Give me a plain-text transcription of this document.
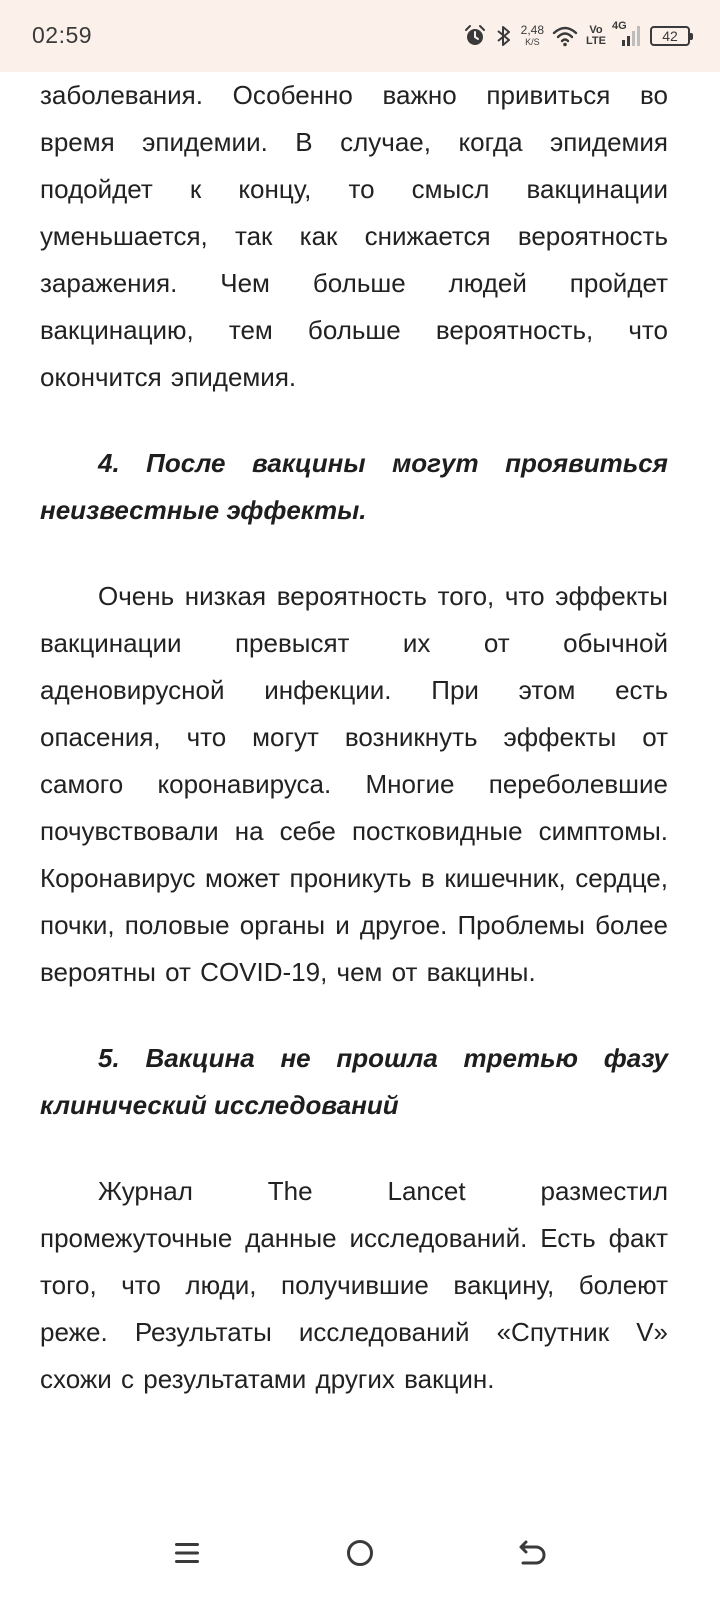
02:59	2,48
K/S
Vo
LTE
4G
42

заболевания. Особенно важно привиться во время эпидемии. В случае, когда эпидемия подойдет к концу, то смысл вакцинации уменьшается, так как снижается вероятность заражения. Чем больше людей пройдет вакцинацию, тем больше вероятность, что окончится эпидемия.

4. После вакцины могут проявиться неизвестные эффекты.

Очень низкая вероятность того, что эффекты вакцинации превысят их от обычной аденовирусной инфекции. При этом есть опасения, что могут возникнуть эффекты от самого коронавируса. Многие переболевшие почувствовали на себе постковидные симптомы. Коронавирус может проникуть в кишечник, сердце, почки, половые органы и другое. Проблемы более вероятны от COVID-19, чем от вакцины.

5. Вакцина не прошла третью фазу клинический исследований

Журнал The Lancet разместил промежуточные данные исследований. Есть факт того, что люди, получившие вакцину, болеют реже. Результаты исследований «Спутник V» схожи с результатами других вакцин.
